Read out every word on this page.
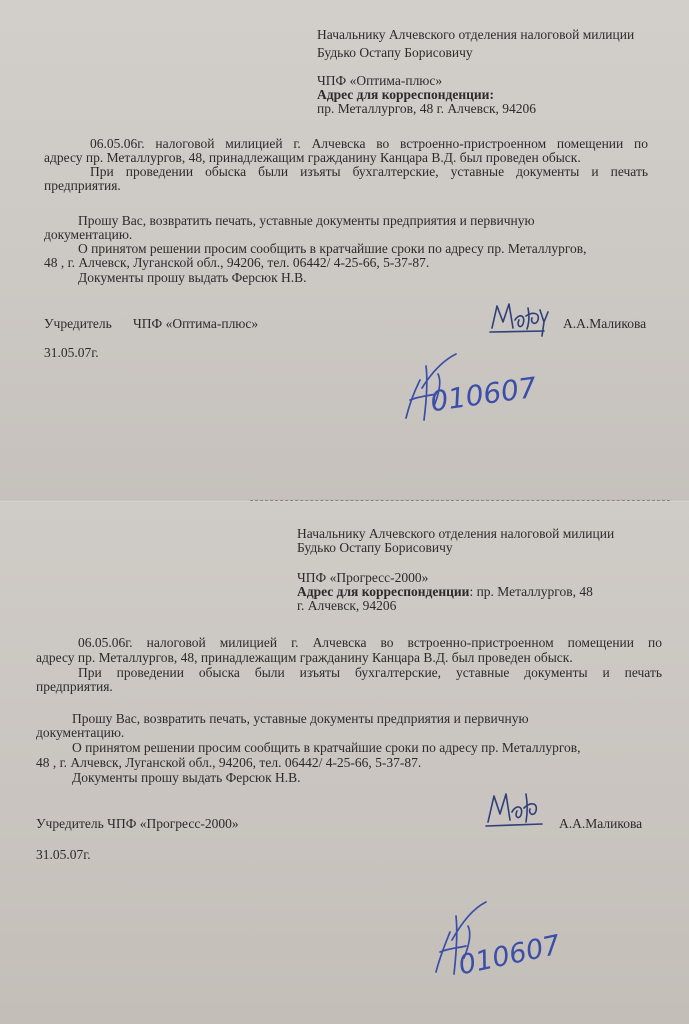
Начальнику Алчевского отделения налоговой милиции
Будько Остапу Борисовичу
ЧПФ «Оптима-плюс»
Адрес для корреспонденции:
пр. Металлургов, 48 г. Алчевск, 94206
06.05.06г. налоговой милицией г. Алчевска во встроенно-пристроенном помещении по
адресу пр. Металлургов, 48, принадлежащим гражданину Канцара В.Д. был проведен обыск.
При проведении обыска были изъяты бухгалтерские, уставные документы и печать
предприятия.
Прошу Вас, возвратить печать, уставные документы предприятия и первичную
документацию.
О принятом решении просим сообщить в кратчайшие сроки по адресу пр. Металлургов,
48 , г. Алчевск, Луганской обл., 94206, тел. 06442/ 4-25-66, 5-37-87.
Документы прошу выдать Ферсюк Н.В.
Учредитель ЧПФ «Оптима-плюс»	А.А.Маликова
31.05.07г.
010607
Начальнику Алчевского отделения налоговой милиции
Будько Остапу Борисовичу
ЧПФ «Прогресс-2000»
Адрес для корреспонденции: пр. Металлургов, 48
г. Алчевск, 94206
06.05.06г. налоговой милицией г. Алчевска во встроенно-пристроенном помещении по
адресу пр. Металлургов, 48, принадлежащим гражданину Канцара В.Д. был проведен обыск.
При проведении обыска были изъяты бухгалтерские, уставные документы и печать
предприятия.
Прошу Вас, возвратить печать, уставные документы предприятия и первичную
документацию.
О принятом решении просим сообщить в кратчайшие сроки по адресу пр. Металлургов,
48 , г. Алчевск, Луганской обл., 94206, тел. 06442/ 4-25-66, 5-37-87.
Документы прошу выдать Ферсюк Н.В.
Учредитель ЧПФ «Прогресс-2000»	А.А.Маликова
31.05.07г.
010607
